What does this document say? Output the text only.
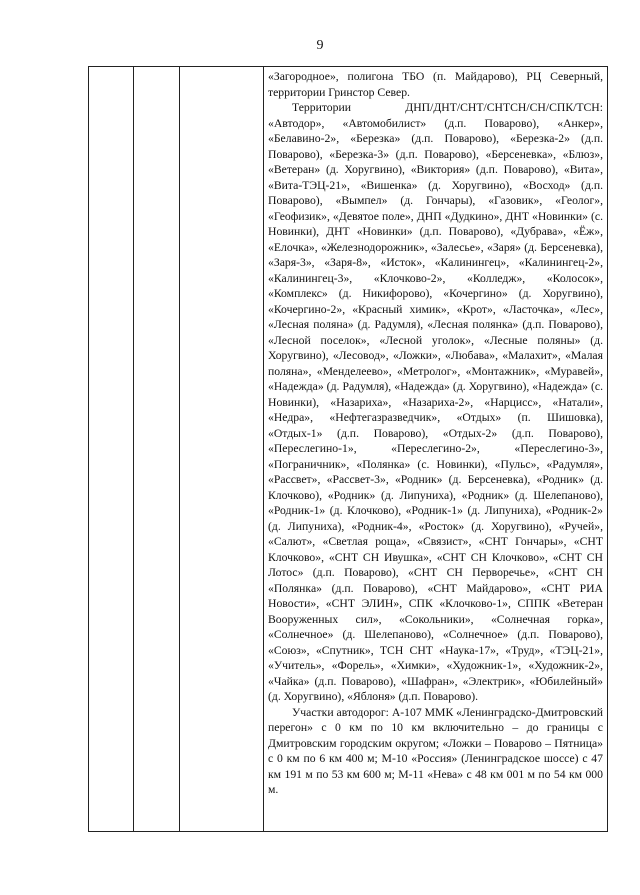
9

«Загородное», полигона ТБО (п. Майдарово), РЦ Северный, территории Гринстор Север.

Территории ДНП/ДНТ/СНТ/СНТСН/СН/СПК/ТСН: «Автодор», «Автомобилист» (д.п. Поварово), «Анкер», «Белавино-2», «Березка» (д.п. Поварово), «Березка-2» (д.п. Поварово), «Березка-3» (д.п. Поварово), «Берсеневка», «Блюз», «Ветеран» (д. Хоругвино), «Виктория» (д.п. Поварово), «Вита», «Вита-ТЭЦ-21», «Вишенка» (д. Хоругвино), «Восход» (д.п. Поварово), «Вымпел» (д. Гончары), «Газовик», «Геолог», «Геофизик», «Девятое поле», ДНП «Дудкино», ДНТ «Новинки» (с. Новинки), ДНТ «Новинки» (д.п. Поварово), «Дубрава», «Ёж», «Елочка», «Железнодорожник», «Залесье», «Заря» (д. Берсеневка), «Заря-3», «Заря-8», «Исток», «Калинингец», «Калинингец-2», «Калинингец-3», «Клочково-2», «Колледж», «Колосок», «Комплекс» (д. Никифорово), «Кочергино» (д. Хоругвино), «Кочергино-2», «Красный химик», «Крот», «Ласточка», «Лес», «Лесная поляна» (д. Радумля), «Лесная полянка» (д.п. Поварово), «Лесной поселок», «Лесной уголок», «Лесные поляны» (д. Хоругвино), «Лесовод», «Ложки», «Любава», «Малахит», «Малая поляна», «Менделеево», «Метролог», «Монтажник», «Муравей», «Надежда» (д. Радумля), «Надежда» (д. Хоругвино), «Надежда» (с. Новинки), «Назариха», «Назариха-2», «Нарцисс», «Натали», «Недра», «Нефтегазразведчик», «Отдых» (п. Шишовка), «Отдых-1» (д.п. Поварово), «Отдых-2» (д.п. Поварово), «Переслегино-1», «Переслегино-2», «Переслегино-3», «Пограничник», «Полянка» (с. Новинки), «Пульс», «Радумля», «Рассвет», «Рассвет-3», «Родник» (д. Берсеневка), «Родник» (д. Клочково), «Родник» (д. Липуниха), «Родник» (д. Шелепаново), «Родник-1» (д. Клочково), «Родник-1» (д. Липуниха), «Родник-2» (д. Липуниха), «Родник-4», «Росток» (д. Хоругвино), «Ручей», «Салют», «Светлая роща», «Связист», «СНТ Гончары», «СНТ Клочково», «СНТ СН Ивушка», «СНТ СН Клочково», «СНТ СН Лотос» (д.п. Поварово), «СНТ СН Перворечье», «СНТ СН «Полянка» (д.п. Поварово), «СНТ Майдарово», «СНТ РИА Новости», «СНТ ЭЛИН», СПК «Клочково-1», СППК «Ветеран Вооруженных сил», «Сокольники», «Солнечная горка», «Солнечное» (д. Шелепаново), «Солнечное» (д.п. Поварово), «Союз», «Спутник», ТСН СНТ «Наука-17», «Труд», «ТЭЦ-21», «Учитель», «Форель», «Химки», «Художник-1», «Художник-2», «Чайка» (д.п. Поварово), «Шафран», «Электрик», «Юбилейный» (д. Хоругвино), «Яблоня» (д.п. Поварово).

Участки автодорог: А-107 ММК «Ленинградско-Дмитровский перегон» с 0 км по 10 км включительно – до границы с Дмитровским городским округом; «Ложки – Поварово – Пятница» с 0 км по 6 км 400 м; М-10 «Россия» (Ленинградское шоссе) с 47 км 191 м по 53 км 600 м; М-11 «Нева» с 48 км 001 м по 54 км 000 м.
